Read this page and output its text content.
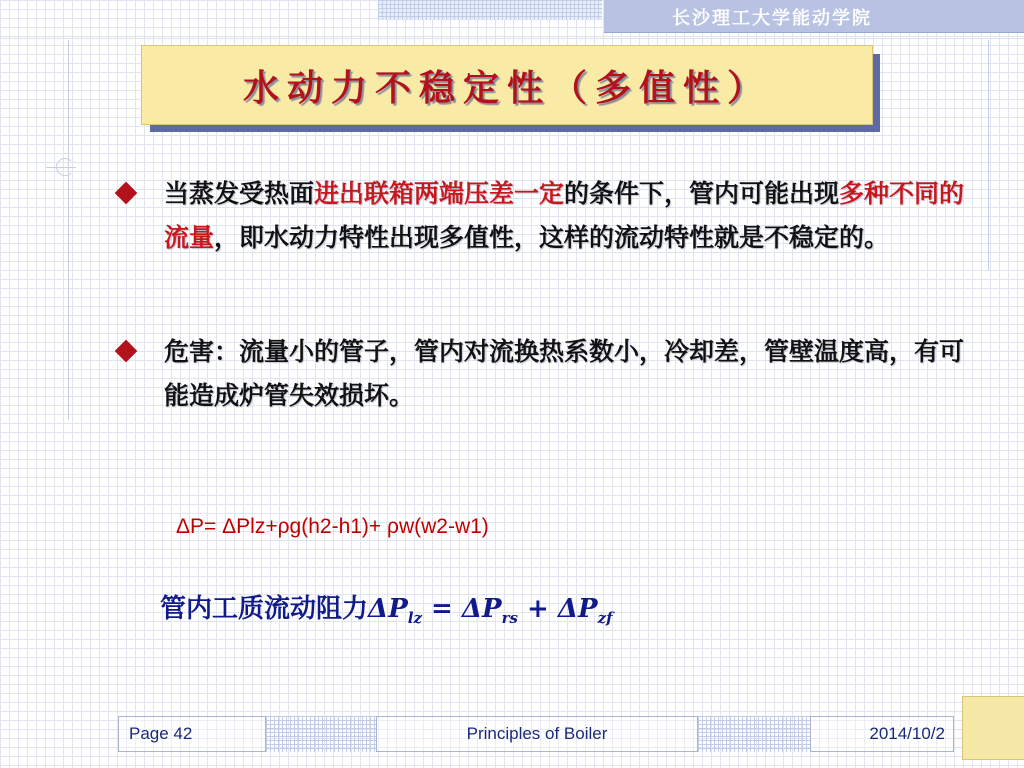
长沙理工大学能动学院
水动力不稳定性（多值性）
当蒸发受热面进出联箱两端压差一定的条件下，管内可能出现多种不同的流量，即水动力特性出现多值性，这样的流动特性就是不稳定的。
危害：流量小的管子，管内对流换热系数小，冷却差，管壁温度高，有可能造成炉管失效损坏。
ΔP= ΔPlz+ρg(h2-h1)+ ρw(w2-w1)
管内工质流动阻力$\Delta P_{lz} = \Delta P_{rs} + \Delta P_{zf}$
Page 42	Principles of Boiler	2014/10/2
